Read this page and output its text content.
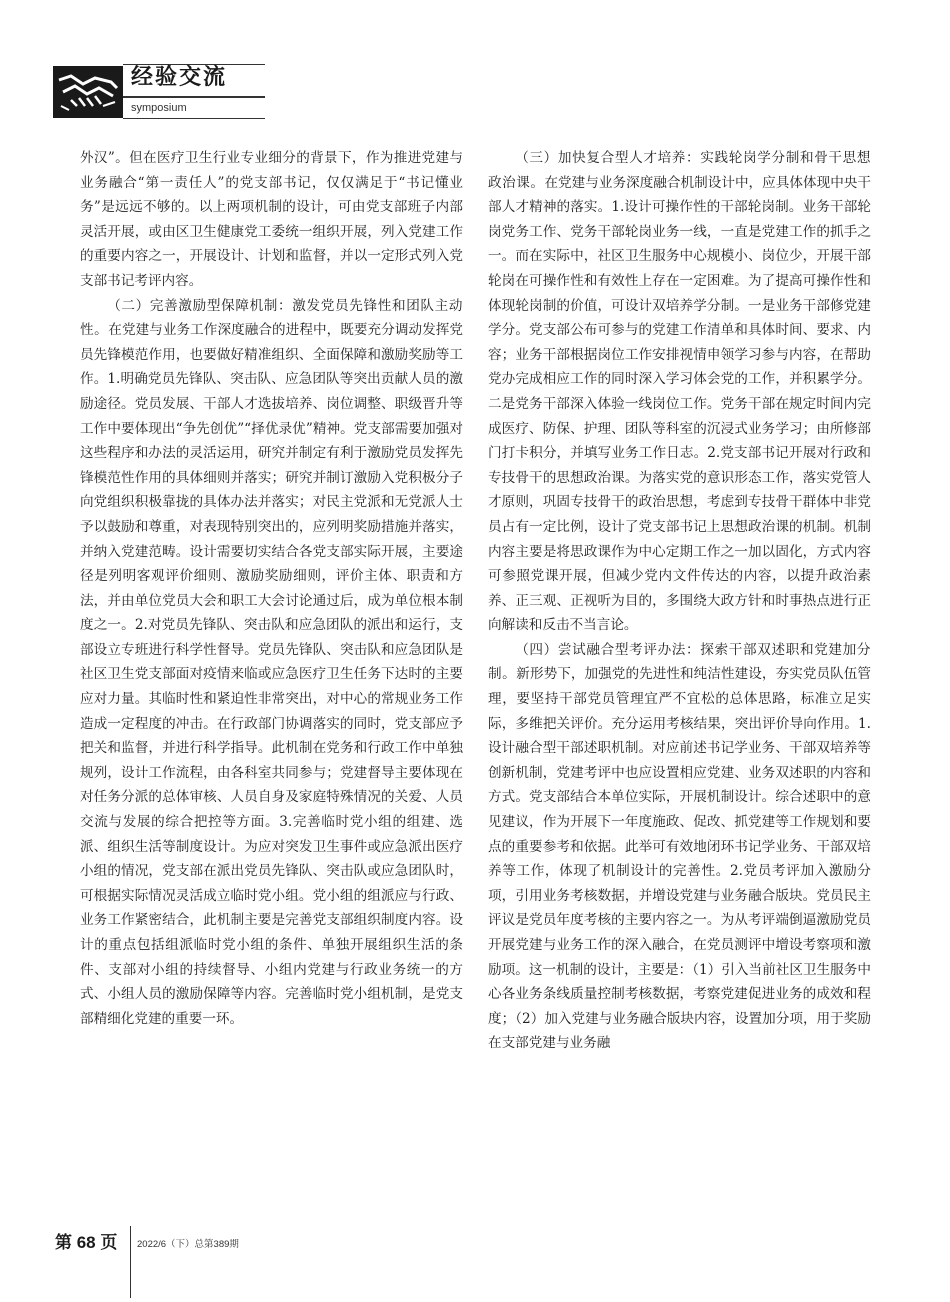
经验交流
symposium

外汉”。但在医疗卫生行业专业细分的背景下，作为推进党建与业务融合“第一责任人”的党支部书记，仅仅满足于“书记懂业务”是远远不够的。以上两项机制的设计，可由党支部班子内部灵活开展，或由区卫生健康党工委统一组织开展，列入党建工作的重要内容之一，开展设计、计划和监督，并以一定形式列入党支部书记考评内容。

（二）完善激励型保障机制：激发党员先锋性和团队主动性。在党建与业务工作深度融合的进程中，既要充分调动发挥党员先锋模范作用，也要做好精准组织、全面保障和激励奖励等工作。1.明确党员先锋队、突击队、应急团队等突出贡献人员的激励途径。党员发展、干部人才选拔培养、岗位调整、职级晋升等工作中要体现出“争先创优”“择优录优”精神。党支部需要加强对这些程序和办法的灵活运用，研究并制定有利于激励党员发挥先锋模范性作用的具体细则并落实；研究并制订激励入党积极分子向党组织积极靠拢的具体办法并落实；对民主党派和无党派人士予以鼓励和尊重，对表现特别突出的，应列明奖励措施并落实，并纳入党建范畴。设计需要切实结合各党支部实际开展，主要途径是列明客观评价细则、激励奖励细则，评价主体、职责和方法，并由单位党员大会和职工大会讨论通过后，成为单位根本制度之一。2.对党员先锋队、突击队和应急团队的派出和运行，支部设立专班进行科学性督导。党员先锋队、突击队和应急团队是社区卫生党支部面对疫情来临或应急医疗卫生任务下达时的主要应对力量。其临时性和紧迫性非常突出，对中心的常规业务工作造成一定程度的冲击。在行政部门协调落实的同时，党支部应予把关和监督，并进行科学指导。此机制在党务和行政工作中单独规列，设计工作流程，由各科室共同参与；党建督导主要体现在对任务分派的总体审核、人员自身及家庭特殊情况的关爱、人员交流与发展的综合把控等方面。3.完善临时党小组的组建、选派、组织生活等制度设计。为应对突发卫生事件或应急派出医疗小组的情况，党支部在派出党员先锋队、突击队或应急团队时，可根据实际情况灵活成立临时党小组。党小组的组派应与行政、业务工作紧密结合，此机制主要是完善党支部组织制度内容。设计的重点包括组派临时党小组的条件、单独开展组织生活的条件、支部对小组的持续督导、小组内党建与行政业务统一的方式、小组人员的激励保障等内容。完善临时党小组机制，是党支部精细化党建的重要一环。

（三）加快复合型人才培养：实践轮岗学分制和骨干思想政治课。在党建与业务深度融合机制设计中，应具体体现中央干部人才精神的落实。1.设计可操作性的干部轮岗制。业务干部轮岗党务工作、党务干部轮岗业务一线，一直是党建工作的抓手之一。而在实际中，社区卫生服务中心规模小、岗位少，开展干部轮岗在可操作性和有效性上存在一定困难。为了提高可操作性和体现轮岗制的价值，可设计双培养学分制。一是业务干部修党建学分。党支部公布可参与的党建工作清单和具体时间、要求、内容；业务干部根据岗位工作安排视情申领学习参与内容，在帮助党办完成相应工作的同时深入学习体会党的工作，并积累学分。二是党务干部深入体验一线岗位工作。党务干部在规定时间内完成医疗、防保、护理、团队等科室的沉浸式业务学习；由所修部门打卡积分，并填写业务工作日志。2.党支部书记开展对行政和专技骨干的思想政治课。为落实党的意识形态工作，落实党管人才原则，巩固专技骨干的政治思想，考虑到专技骨干群体中非党员占有一定比例，设计了党支部书记上思想政治课的机制。机制内容主要是将思政课作为中心定期工作之一加以固化，方式内容可参照党课开展，但减少党内文件传达的内容，以提升政治素养、正三观、正视听为目的，多围绕大政方针和时事热点进行正向解读和反击不当言论。

（四）尝试融合型考评办法：探索干部双述职和党建加分制。新形势下，加强党的先进性和纯洁性建设，夯实党员队伍管理，要坚持干部党员管理宜严不宜松的总体思路，标准立足实际，多维把关评价。充分运用考核结果，突出评价导向作用。1.设计融合型干部述职机制。对应前述书记学业务、干部双培养等创新机制，党建考评中也应设置相应党建、业务双述职的内容和方式。党支部结合本单位实际，开展机制设计。综合述职中的意见建议，作为开展下一年度施政、促改、抓党建等工作规划和要点的重要参考和依据。此举可有效地闭环书记学业务、干部双培养等工作，体现了机制设计的完善性。2.党员考评加入激励分项，引用业务考核数据，并增设党建与业务融合版块。党员民主评议是党员年度考核的主要内容之一。为从考评端倒逼激励党员开展党建与业务工作的深入融合，在党员测评中增设考察项和激励项。这一机制的设计，主要是：（1）引入当前社区卫生服务中心各业务条线质量控制考核数据，考察党建促进业务的成效和程度；（2）加入党建与业务融合版块内容，设置加分项，用于奖励在支部党建与业务融

第 68 页 2022/6（下）总第389期
